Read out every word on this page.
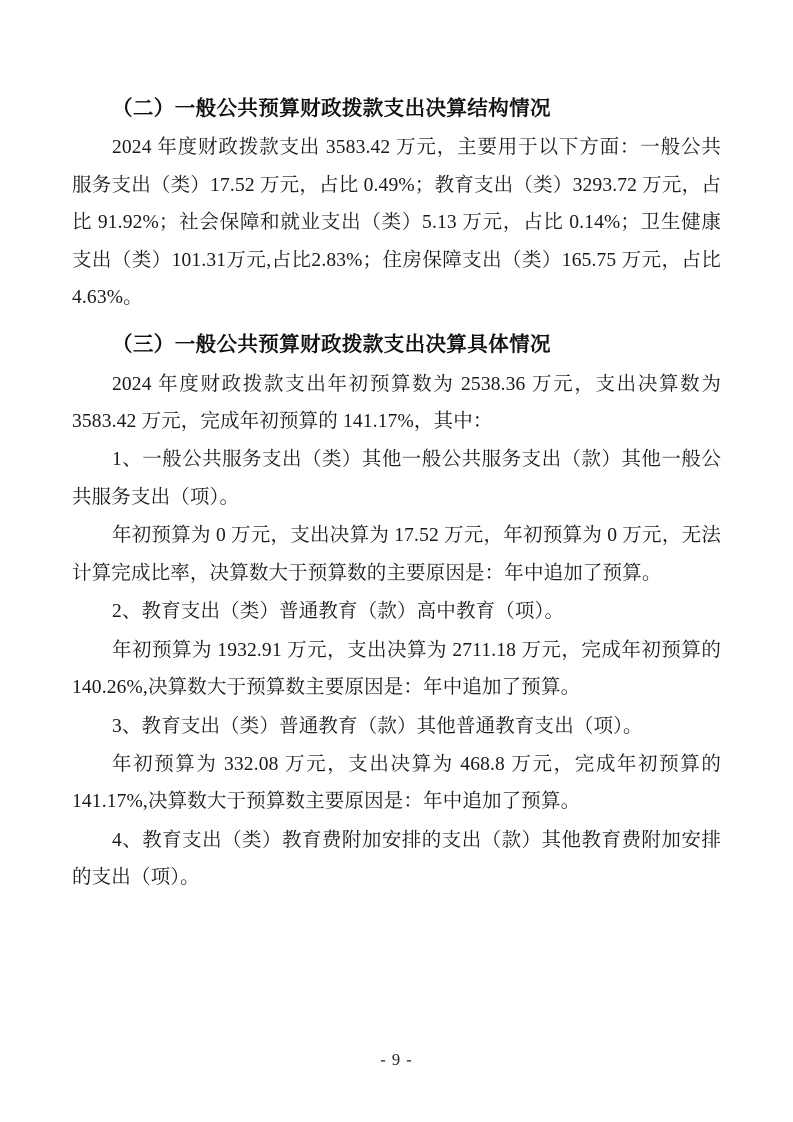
（二）一般公共预算财政拨款支出决算结构情况

2024 年度财政拨款支出 3583.42 万元，主要用于以下方面：一般公共服务支出（类）17.52 万元，占比 0.49%；教育支出（类）3293.72 万元，占比 91.92%；社会保障和就业支出（类）5.13 万元，占比 0.14%；卫生健康支出（类）101.31万元,占比2.83%；住房保障支出（类）165.75 万元，占比 4.63%。

（三）一般公共预算财政拨款支出决算具体情况

2024 年度财政拨款支出年初预算数为 2538.36 万元，支出决算数为 3583.42 万元，完成年初预算的 141.17%，其中：

1、一般公共服务支出（类）其他一般公共服务支出（款）其他一般公共服务支出（项）。

年初预算为 0 万元，支出决算为 17.52 万元，年初预算为 0 万元，无法计算完成比率，决算数大于预算数的主要原因是：年中追加了预算。

2、教育支出（类）普通教育（款）高中教育（项）。

年初预算为 1932.91 万元，支出决算为 2711.18 万元，完成年初预算的 140.26%,决算数大于预算数主要原因是：年中追加了预算。

3、教育支出（类）普通教育（款）其他普通教育支出（项）。

年初预算为 332.08 万元，支出决算为 468.8 万元，完成年初预算的 141.17%,决算数大于预算数主要原因是：年中追加了预算。

4、教育支出（类）教育费附加安排的支出（款）其他教育费附加安排的支出（项）。

- 9 -
